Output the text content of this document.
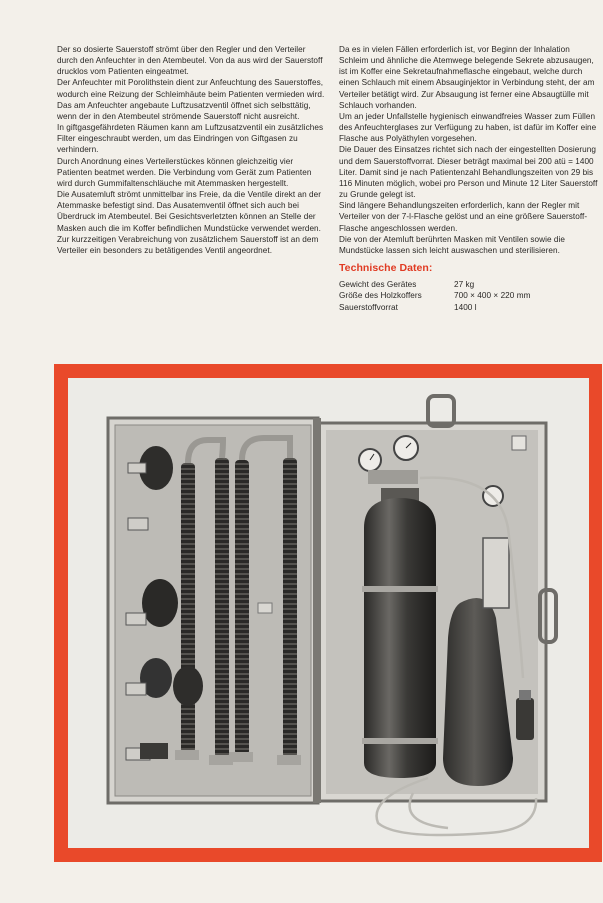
Der so dosierte Sauerstoff strömt über den Regler und den Verteiler durch den Anfeuchter in den Atembeutel. Von da aus wird der Sauerstoff drucklos vom Patienten eingeatmet.

Der Anfeuchter mit Porolithstein dient zur Anfeuchtung des Sauerstoffes, wodurch eine Reizung der Schleimhäute beim Patienten vermieden wird.

Das am Anfeuchter angebaute Luftzusatzventil öffnet sich selbsttätig, wenn der in den Atembeutel strömende Sauerstoff nicht ausreicht.

In giftgasgefährdeten Räumen kann am Luftzusatzventil ein zusätzliches Filter eingeschraubt werden, um das Eindringen von Giftgasen zu verhindern.

Durch Anordnung eines Verteilerstückes können gleichzeitig vier Patienten beatmet werden. Die Verbindung vom Gerät zum Patienten wird durch Gummifaltenschläuche mit Atemmasken hergestellt.

Die Ausatemluft strömt unmittelbar ins Freie, da die Ventile direkt an der Atemmaske befestigt sind. Das Ausatemventil öffnet sich auch bei Überdruck im Atembeutel. Bei Gesichtsverletzten können an Stelle der Masken auch die im Koffer befindlichen Mundstücke verwendet werden.

Zur kurzzeitigen Verabreichung von zusätzlichem Sauerstoff ist an dem Verteiler ein besonders zu betätigendes Ventil angeordnet.

Da es in vielen Fällen erforderlich ist, vor Beginn der Inhalation Schleim und ähnliche die Atemwege belegende Sekrete abzusaugen, ist im Koffer eine Sekretaufnahmeflasche eingebaut, welche durch einen Schlauch mit einem Absauginjektor in Verbindung steht, der am Verteiler betätigt wird. Zur Absaugung ist ferner eine Absaugtülle mit Schlauch vorhanden.

Um an jeder Unfallstelle hygienisch einwandfreies Wasser zum Füllen des Anfeuchterglases zur Verfügung zu haben, ist dafür im Koffer eine Flasche aus Polyäthylen vorgesehen.

Die Dauer des Einsatzes richtet sich nach der eingestellten Dosierung und dem Sauerstoffvorrat. Dieser beträgt maximal bei 200 atü = 1400 Liter. Damit sind je nach Patientenzahl Behandlungszeiten von 29 bis 116 Minuten möglich, wobei pro Person und Minute 12 Liter Sauerstoff zu Grunde gelegt ist.

Sind längere Behandlungszeiten erforderlich, kann der Regler mit Verteiler von der 7-l-Flasche gelöst und an eine größere Sauerstoff-Flasche angeschlossen werden.

Die von der Atemluft berührten Masken mit Ventilen sowie die Mundstücke lassen sich leicht auswaschen und sterilisieren.

Technische Daten:

Gewicht des Gerätes	27 kg
Größe des Holzkoffers	700 × 400 × 220 mm
Sauerstoffvorrat	1400 l
